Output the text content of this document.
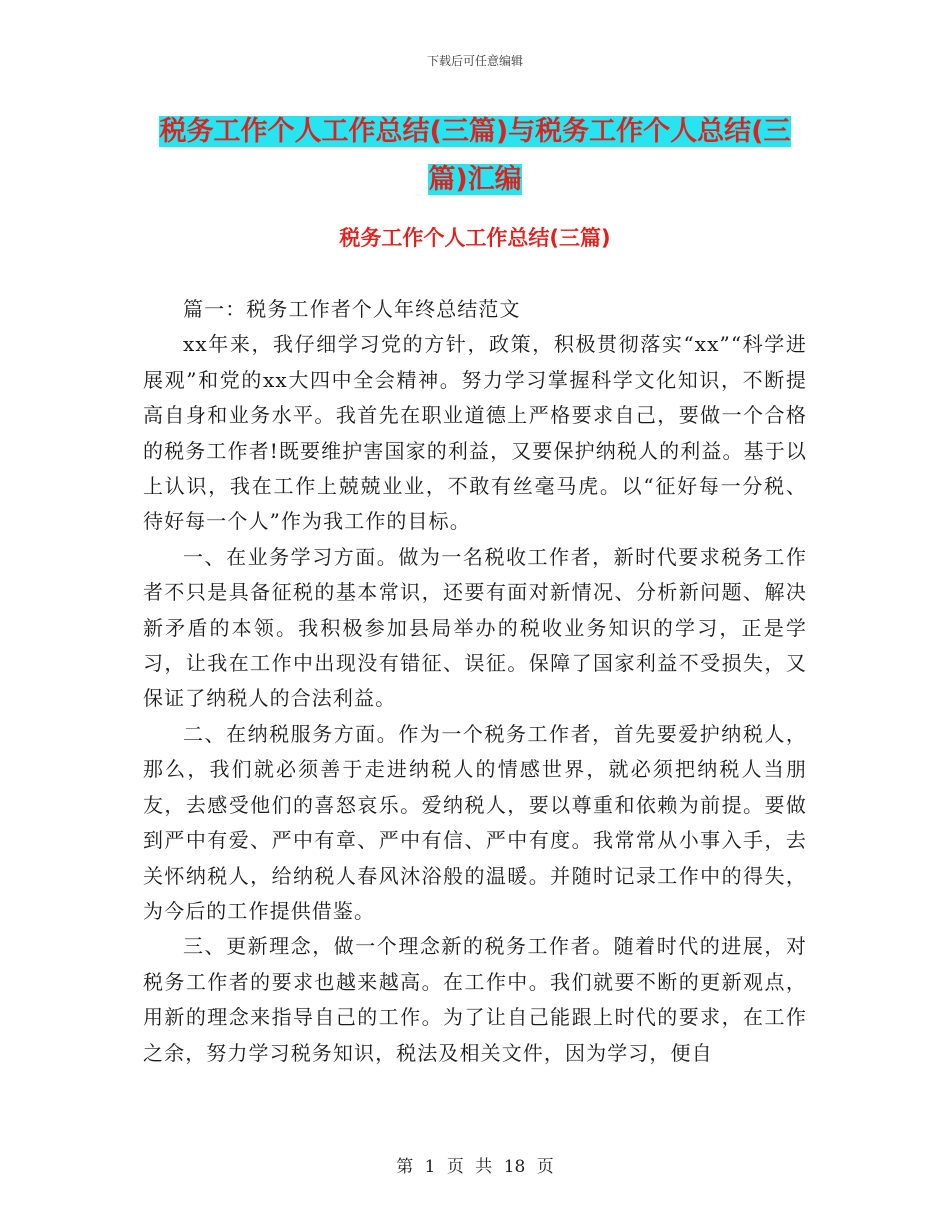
下载后可任意编辑
税务工作个人工作总结(三篇)与税务工作个人总结(三篇)汇编
税务工作个人工作总结(三篇)

篇一：税务工作者个人年终总结范文

xx年来，我仔细学习党的方针，政策，积极贯彻落实“xx”“科学进展观”和党的xx大四中全会精神。努力学习掌握科学文化知识，不断提高自身和业务水平。我首先在职业道德上严格要求自己，要做一个合格的税务工作者!既要维护害国家的利益，又要保护纳税人的利益。基于以上认识，我在工作上兢兢业业，不敢有丝毫马虎。以“征好每一分税、待好每一个人”作为我工作的目标。

一、在业务学习方面。做为一名税收工作者，新时代要求税务工作者不只是具备征税的基本常识，还要有面对新情况、分析新问题、解决新矛盾的本领。我积极参加县局举办的税收业务知识的学习，正是学习，让我在工作中出现没有错征、误征。保障了国家利益不受损失，又保证了纳税人的合法利益。

二、在纳税服务方面。作为一个税务工作者，首先要爱护纳税人，那么，我们就必须善于走进纳税人的情感世界，就必须把纳税人当朋友，去感受他们的喜怒哀乐。爱纳税人，要以尊重和依赖为前提。要做到严中有爱、严中有章、严中有信、严中有度。我常常从小事入手，去关怀纳税人，给纳税人春风沐浴般的温暖。并随时记录工作中的得失，为今后的工作提供借鉴。

三、更新理念，做一个理念新的税务工作者。随着时代的进展，对税务工作者的要求也越来越高。在工作中。我们就要不断的更新观点，用新的理念来指导自己的工作。为了让自己能跟上时代的要求，在工作之余，努力学习税务知识，税法及相关文件，因为学习，便自

第 1 页 共 18 页
